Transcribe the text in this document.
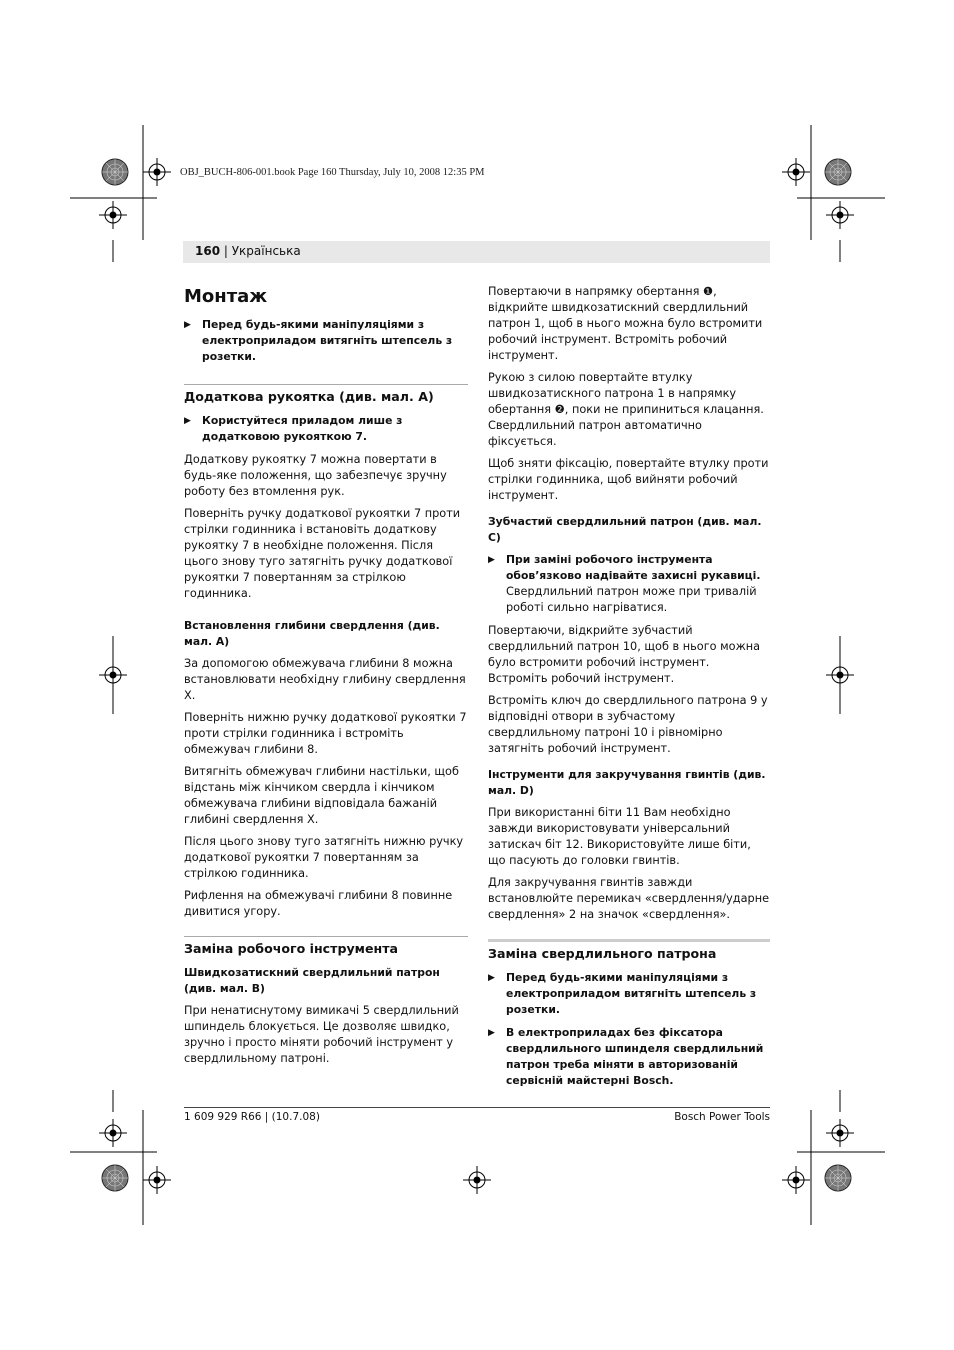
OBJ_BUCH-806-001.book Page 160 Thursday, July 10, 2008 12:35 PM
160 | Українська
Монтаж
▶ Перед будь-якими маніпуляціями з електроприладом витягніть штепсель з розетки.
Додаткова рукоятка (див. мал. A)
▶ Користуйтеся приладом лише з додатковою рукояткою 7.

Додаткову рукоятку 7 можна повертати в будь-яке положення, що забезпечує зручну роботу без втомлення рук.

Поверніть ручку додаткової рукоятки 7 проти стрілки годинника і встановіть додаткову рукоятку 7 в необхідне положення. Після цього знову туго затягніть ручку додаткової рукоятки 7 повертанням за стрілкою годинника.

Встановлення глибини свердлення (див. мал. A)

За допомогою обмежувача глибини 8 можна встановлювати необхідну глибину свердлення X.

Поверніть нижню ручку додаткової рукоятки 7 проти стрілки годинника і встроміть обмежувач глибини 8.

Витягніть обмежувач глибини настільки, щоб відстань між кінчиком свердла і кінчиком обмежувача глибини відповідала бажаній глибині свердлення X.

Після цього знову туго затягніть нижню ручку додаткової рукоятки 7 повертанням за стрілкою годинника.

Рифлення на обмежувачі глибини 8 повинне дивитися угору.

Заміна робочого інструмента
Швидкозатискний свердлильний патрон (див. мал. B)

При ненатиснутому вимикачі 5 свердлильний шпиндель блокується. Це дозволяє швидко, зручно і просто міняти робочий інструмент у свердлильному патроні.

Повертаючи в напрямку обертання ❶, відкрийте швидкозатискний свердлильний патрон 1, щоб в нього можна було встромити робочий інструмент. Встроміть робочий інструмент.

Рукою з силою повертайте втулку швидкозатискного патрона 1 в напрямку обертання ❷, поки не припиниться клацання. Свердлильний патрон автоматично фіксується.

Щоб зняти фіксацію, повертайте втулку проти стрілки годинника, щоб вийняти робочий інструмент.

Зубчастий свердлильний патрон (див. мал. C)
▶ При заміні робочого інструмента обов’язково надівайте захисні рукавиці. Свердлильний патрон може при тривалій роботі сильно нагріватися.

Повертаючи, відкрийте зубчастий свердлильний патрон 10, щоб в нього можна було встромити робочий інструмент. Встроміть робочий інструмент.

Встроміть ключ до свердлильного патрона 9 у відповідні отвори в зубчастому свердлильному патроні 10 і рівномірно затягніть робочий інструмент.

Інструменти для закручування гвинтів (див. мал. D)

При використанні біти 11 Вам необхідно завжди використовувати універсальний затискач біт 12. Використовуйте лише біти, що пасують до головки гвинтів.

Для закручування гвинтів завжди встановлюйте перемикач «свердлення/ударне свердлення» 2 на значок «свердлення».

Заміна свердлильного патрона
▶ Перед будь-якими маніпуляціями з електроприладом витягніть штепсель з розетки.
▶ В електроприладах без фіксатора свердлильного шпинделя свердлильний патрон треба міняти в авторизованій сервісній майстерні Bosch.
1 609 929 R66 | (10.7.08)	Bosch Power Tools
